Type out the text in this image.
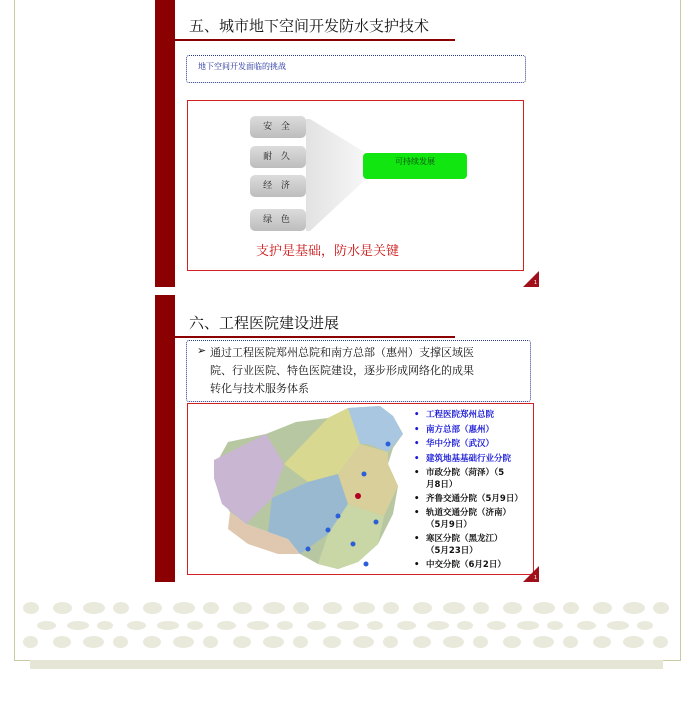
五、城市地下空间开发防水支护技术
地下空间开发面临的挑战
安 全
耐 久
经 济
绿 色
可持续发展
支护是基础，防水是关键
1
六、工程医院建设进展
➢ 通过工程医院郑州总院和南方总部（惠州）支撑区域医
院、行业医院、特色医院建设，逐步形成网络化的成果
转化与技术服务体系
• 工程医院郑州总院
• 南方总部（惠州）
• 华中分院（武汉）
• 建筑地基基础行业分院
• 市政分院（菏泽）（5
月8日）
• 齐鲁交通分院（5月9日）
• 轨道交通分院（济南）
（5月9日）
• 寒区分院（黑龙江）
（5月23日）
• 中交分院（6月2日）
1
